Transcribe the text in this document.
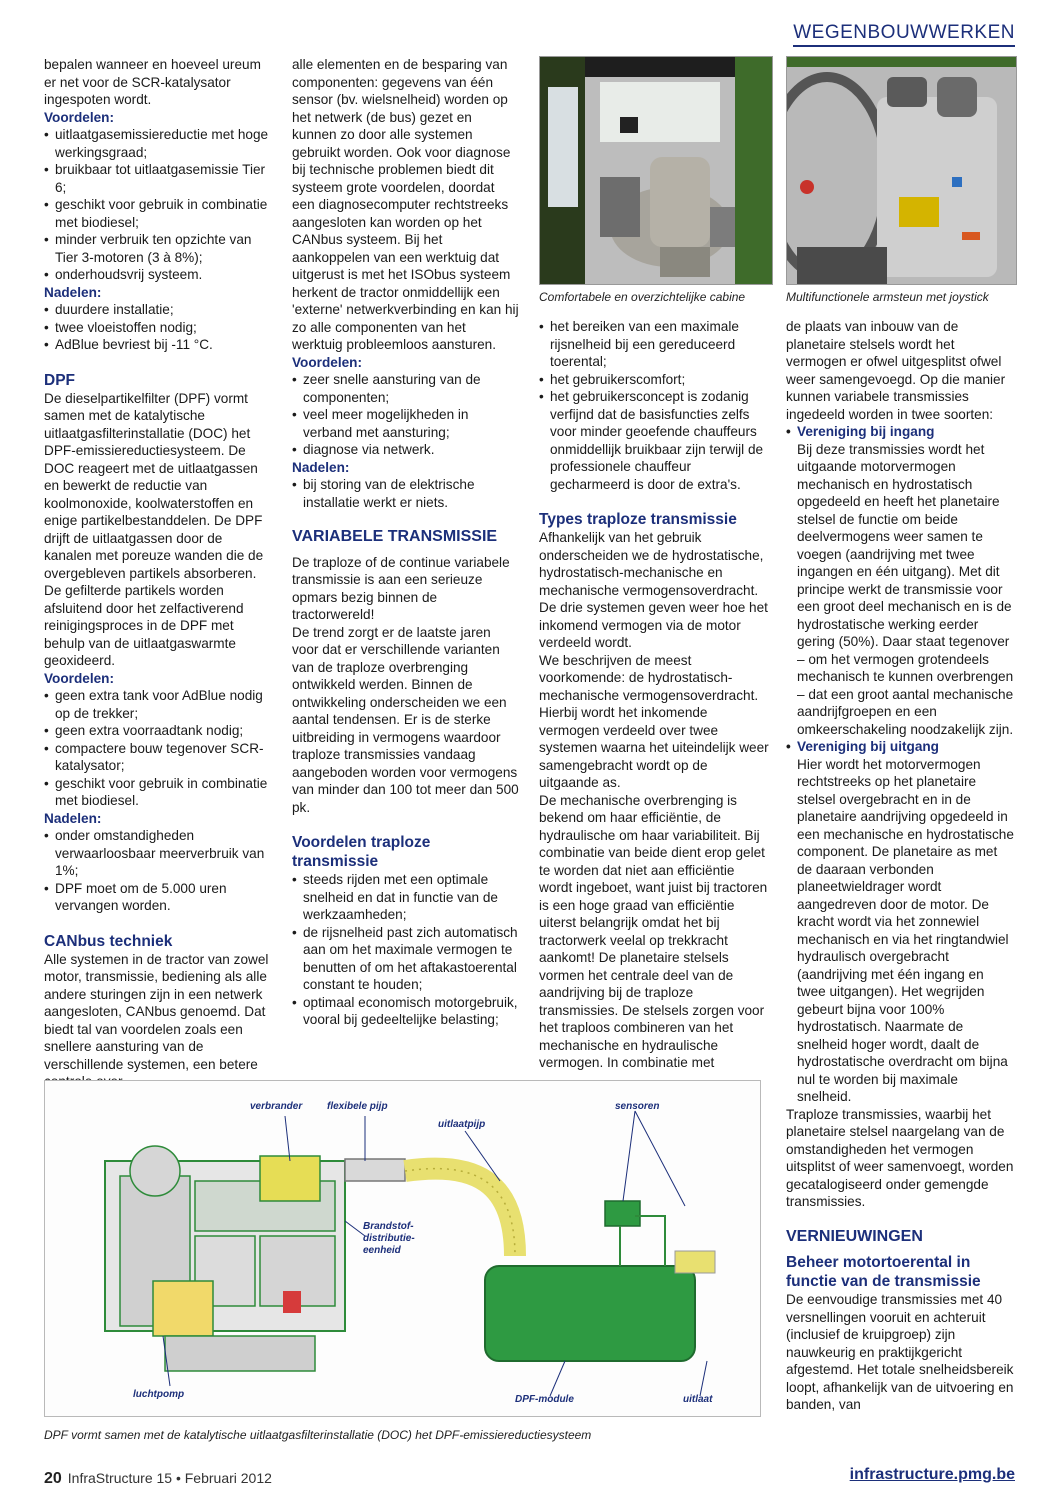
WEGENBOUWWERKEN

bepalen wanneer en hoeveel ureum er net voor de SCR-katalysator ingespoten wordt.

Voordelen:

• uitlaatgasemissiereductie met hoge werkingsgraad;
• bruikbaar tot uitlaatgasemissie Tier 6;
• geschikt voor gebruik in combinatie met biodiesel;
• minder verbruik ten opzichte van Tier 3-motoren (3 à 8%);
• onderhoudsvrij systeem.

Nadelen:

• duurdere installatie;
• twee vloeistoffen nodig;
• AdBlue bevriest bij -11 °C.

DPF

De dieselpartikelfilter (DPF) vormt samen met de katalytische uitlaatgasfilterinstallatie (DOC) het DPF-emissiereductiesysteem. De DOC reageert met de uitlaatgassen en bewerkt de reductie van koolmonoxide, koolwaterstoffen en enige partikelbestanddelen. De DPF drijft de uitlaatgassen door de kanalen met poreuze wanden die de overgebleven partikels absorberen. De gefilterde partikels worden afsluitend door het zelfactiverend reinigingsproces in de DPF met behulp van de uitlaatgaswarmte geoxideerd.

Voordelen:

• geen extra tank voor AdBlue nodig op de trekker;
• geen extra voorraadtank nodig;
• compactere bouw tegenover SCR-katalysator;
• geschikt voor gebruik in combinatie met biodiesel.

Nadelen:

• onder omstandigheden verwaarloosbaar meerverbruik van 1%;
• DPF moet om de 5.000 uren vervangen worden.

CANbus techniek

Alle systemen in de tractor van zowel motor, transmissie, bediening als alle andere sturingen zijn in een netwerk aangesloten, CANbus genoemd. Dat biedt tal van voordelen zoals een snellere aansturing van de verschillende systemen, een betere

alle elementen en de besparing van componenten: gegevens van één sensor (bv. wielsnelheid) worden op het netwerk (de bus) gezet en kunnen zo door alle systemen gebruikt worden. Ook voor diagnose bij technische problemen biedt dit systeem grote voordelen, doordat een diagnosecomputer rechtstreeks aangesloten kan worden op het CANbus systeem. Bij het aankoppelen van een werktuig dat uitgerust is met het ISObus systeem herkent de tractor onmiddellijk een 'externe' netwerkverbinding en kan hij zo alle componenten van het werktuig probleemloos aansturen.

Voordelen:

• zeer snelle aansturing van de componenten;
• veel meer mogelijkheden in verband met aansturing;
• diagnose via netwerk.

Nadelen:

• bij storing van de elektrische installatie werkt er niets.

VARIABELE TRANSMISSIE

De traploze of de continue variabele transmissie is aan een serieuze opmars bezig binnen de tractorwereld!

De trend zorgt er de laatste jaren voor dat er verschillende varianten van de traploze overbrenging ontwikkeld werden. Binnen de ontwikkeling onderscheiden we een aantal tendensen. Er is de sterke uitbreiding in vermogens waardoor traploze transmissies vandaag aangeboden worden voor vermogens van minder dan 100 tot meer dan 500 pk.

Voordelen traploze transmissie

• steeds rijden met een optimale snelheid en dat in functie van de werkzaamheden;
• de rijsnelheid past zich automatisch aan om het maximale vermogen te benutten of om het aftakastoerental constant te houden;
• optimaal economisch motorgebruik, vooral bij gedeeltelijke belasting;
Comfortabele en overzichtelijke cabine	Multifunctionele armsteun met joystick
• het bereiken van een maximale rijsnelheid bij een gereduceerd toerental;
• het gebruikerscomfort;
• het gebruikersconcept is zodanig verfijnd dat de basisfuncties zelfs voor minder geoefende chauffeurs onmiddellijk bruikbaar zijn terwijl de professionele chauffeur gecharmeerd is door de extra's.

Types traploze transmissie

Afhankelijk van het gebruik onderscheiden we de hydrostatische, hydrostatisch-mechanische en mechanische vermogensoverdracht. De drie systemen geven weer hoe het inkomend vermogen via de motor verdeeld wordt.

We beschrijven de meest voorkomende: de hydrostatisch-mechanische vermogensoverdracht. Hierbij wordt het inkomende vermogen verdeeld over twee systemen waarna het uiteindelijk weer samengebracht wordt op de uitgaande as.

De mechanische overbrenging is bekend om haar efficiëntie, de hydraulische om haar variabiliteit. Bij combinatie van beide dient erop gelet te worden dat niet aan efficiëntie wordt ingeboet, want juist bij tractoren is een hoge graad van efficiëntie uiterst belangrijk omdat het bij tractorwerk veelal op trekkracht aankomt! De planetaire stelsels vormen het centrale deel van de aandrijving bij de traploze transmissies. De stelsels zorgen voor het traploos combineren van het mechanische en hydraulische vermogen. In combinatie met

de plaats van inbouw van de planetaire stelsels wordt het vermogen er ofwel uitgesplitst ofwel weer samengevoegd. Op die manier kunnen variabele transmissies ingedeeld worden in twee soorten:

• Vereniging bij ingang
Bij deze transmissies wordt het uitgaande motorvermogen mechanisch en hydrostatisch opgedeeld en heeft het planetaire stelsel de functie om beide deelvermogens weer samen te voegen (aandrijving met twee ingangen en één uitgang). Met dit principe werkt de transmissie voor een groot deel mechanisch en is de hydrostatische werking eerder gering (50%). Daar staat tegenover – om het vermogen grotendeels mechanisch te kunnen overbrengen – dat een groot aantal mechanische aandrijfgroepen en een omkeerschakeling noodzakelijk zijn.
• Vereniging bij uitgang
Hier wordt het motorvermogen rechtstreeks op het planetaire stelsel overgebracht en in de planetaire aandrijving opgedeeld in een mechanische en hydrostatische component. De planetaire as met de daaraan verbonden planeetwieldrager wordt aangedreven door de motor. De kracht wordt via het zonnewiel mechanisch en via het ringtandwiel hydraulisch overgebracht (aandrijving met één ingang en twee uitgangen). Het wegrijden gebeurt bijna voor 100% hydrostatisch. Naarmate de snelheid hoger wordt, daalt de hydrostatische overdracht om bijna nul te worden bij maximale snelheid.

Traploze transmissies, waarbij het planetaire stelsel naargelang van de omstandigheden het vermogen uitsplitst of weer samenvoegt, worden gecatalogiseerd onder gemengde transmissies.

VERNIEUWINGEN

Beheer motortoerental in functie van de transmissie

De eenvoudige transmissies met 40 versnellingen vooruit en achteruit (inclusief de kruipgroep) zijn nauwkeurig en praktijkgericht afgestemd. Het totale snelheidsbereik loopt, afhankelijk van de uitvoering en banden, van

verbrander flexibele pijp
uitlaatpijp
sensoren
Brandstof-distributie-eenheid
luchtpomp	DPF-module	uitlaat
DPF vormt samen met de katalytische uitlaatgasfilterinstallatie (DOC) het DPF-emissiereductiesysteem
20 InfraStructure 15 • Februari 2012	infrastructure.pmg.be
